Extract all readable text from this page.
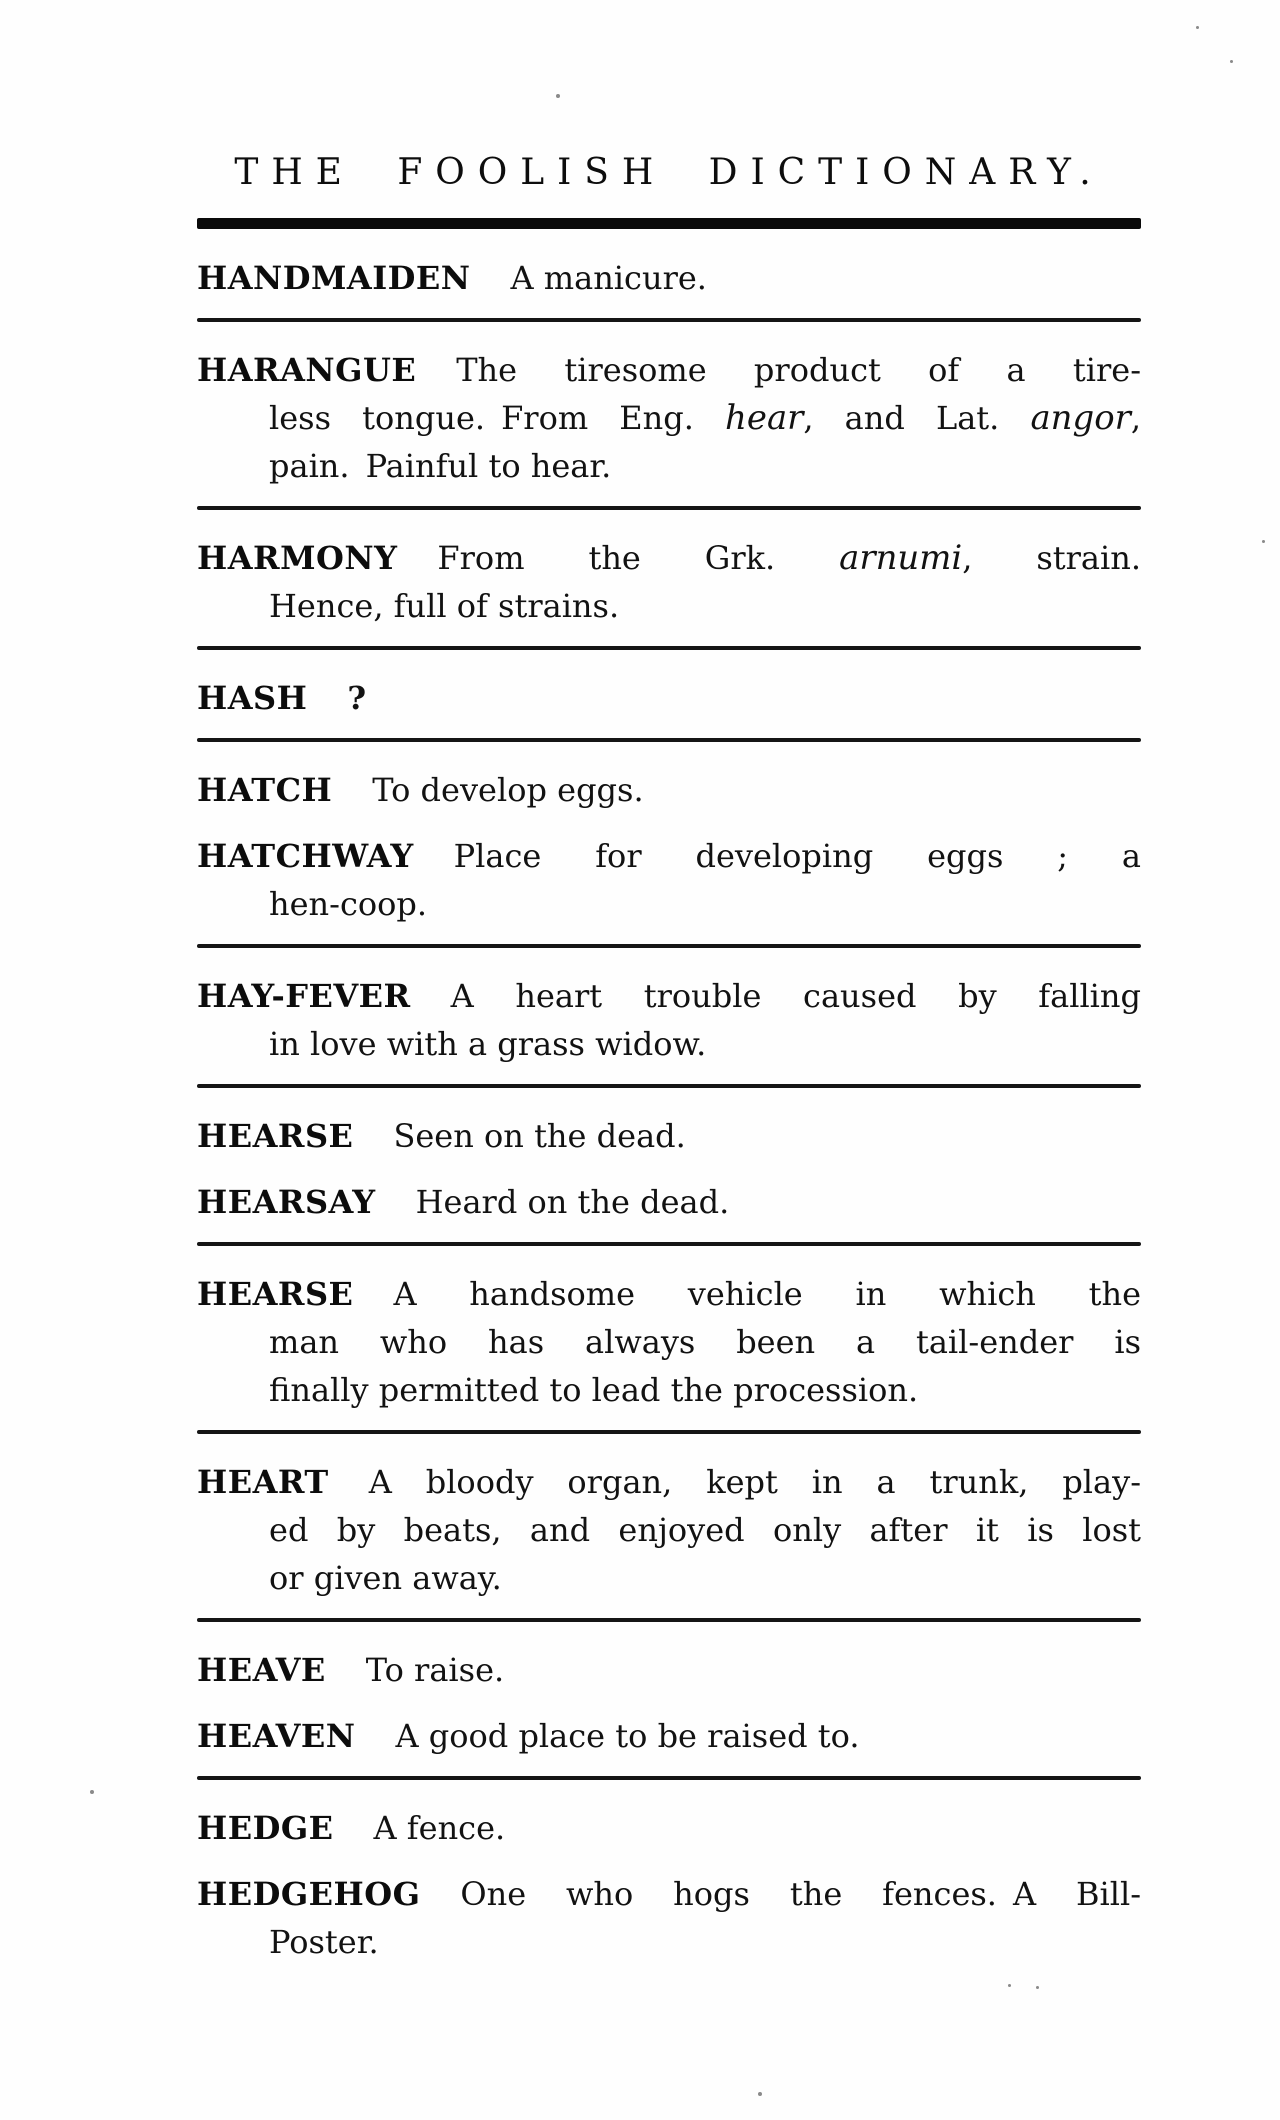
THE FOOLISH DICTIONARY.
HANDMAIDEN A manicure.
HARANGUE The tiresome product of a tire-
less tongue. From Eng. hear, and Lat. angor,
pain. Painful to hear.
HARMONY From the Grk. arnumi, strain.
Hence, full of strains.
HASH ?
HATCH To develop eggs.
HATCHWAY Place for developing eggs ; a
hen-coop.
HAY-FEVER A heart trouble caused by falling
in love with a grass widow.
HEARSE Seen on the dead.
HEARSAY Heard on the dead.
HEARSE A handsome vehicle in which the
man who has always been a tail-ender is
finally permitted to lead the procession.
HEART A bloody organ, kept in a trunk, play-
ed by beats, and enjoyed only after it is lost
or given away.
HEAVE To raise.
HEAVEN A good place to be raised to.
HEDGE A fence.
HEDGEHOG One who hogs the fences. A Bill-
Poster.
